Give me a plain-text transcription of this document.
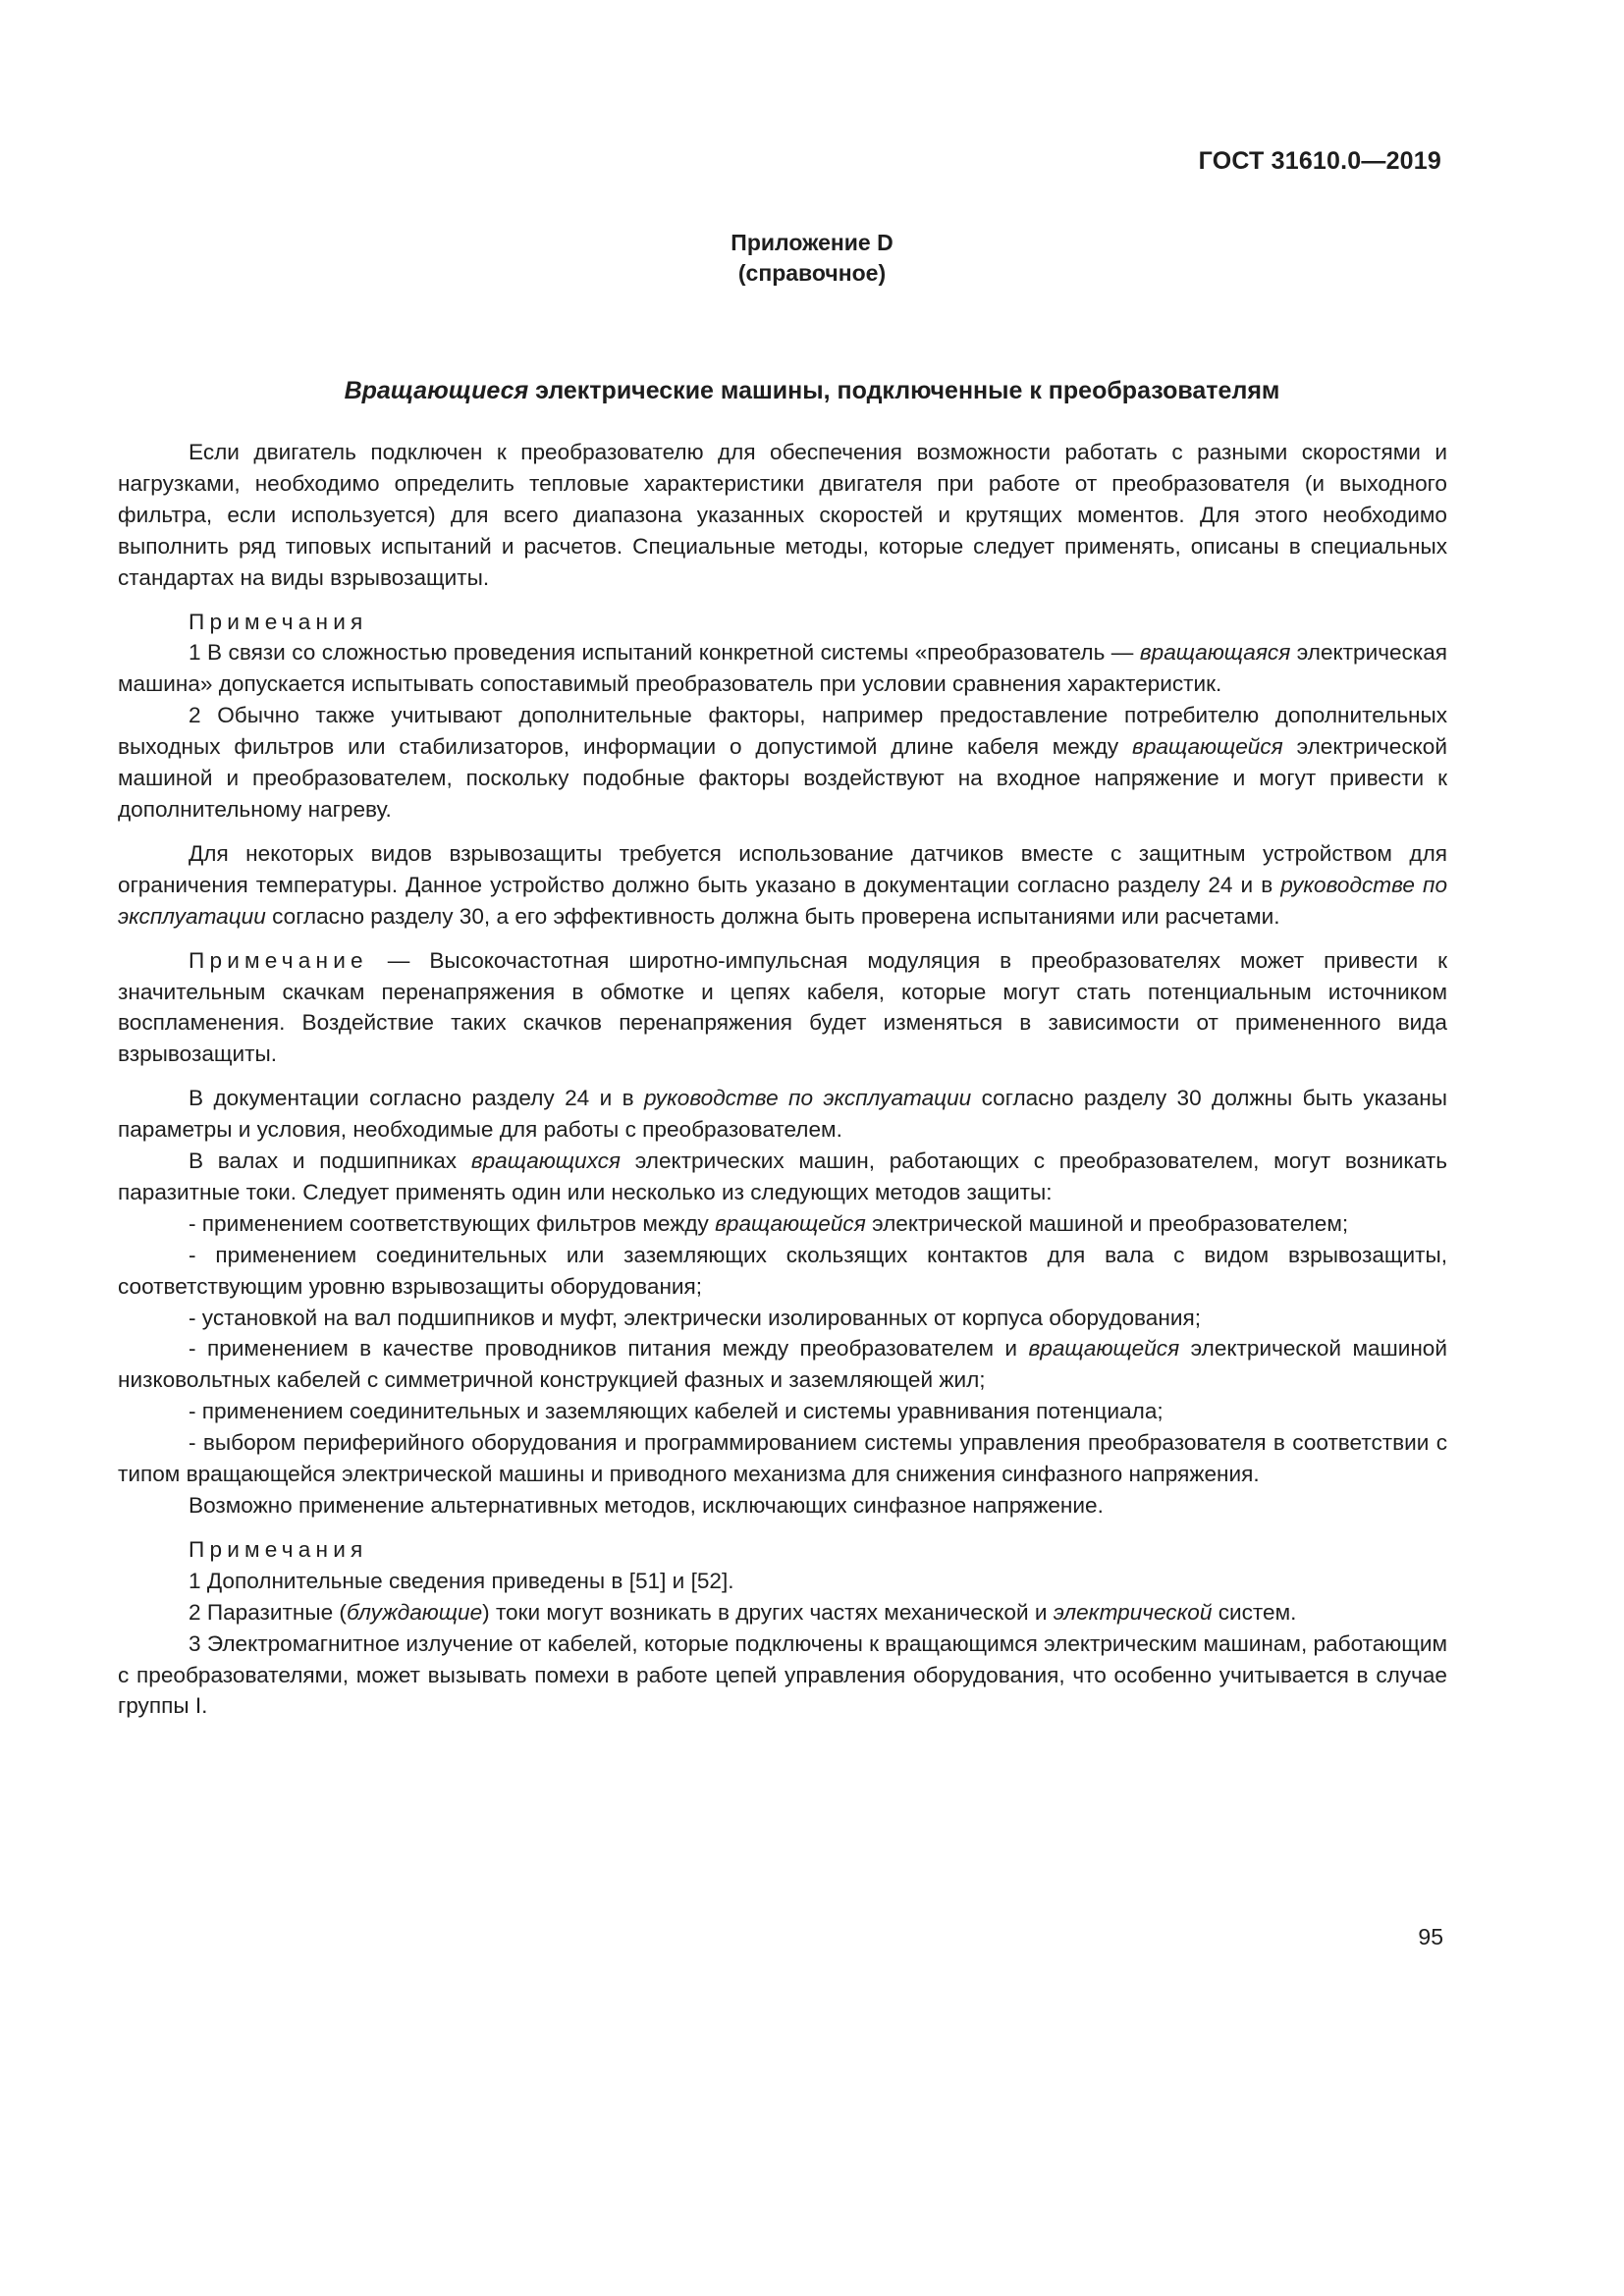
ГОСТ 31610.0—2019
Приложение D
(справочное)
Вращающиеся электрические машины, подключенные к преобразователям

Если двигатель подключен к преобразователю для обеспечения возможности работать с разными скоростями и нагрузками, необходимо определить тепловые характеристики двигателя при работе от преобразователя (и выходного фильтра, если используется) для всего диапазона указанных скоростей и крутящих моментов. Для этого необходимо выполнить ряд типовых испытаний и расчетов. Специальные методы, которые следует применять, описаны в специальных стандартах на виды взрывозащиты.

Примечания

1 В связи со сложностью проведения испытаний конкретной системы «преобразователь — вращающаяся электрическая машина» допускается испытывать сопоставимый преобразователь при условии сравнения характеристик.

2 Обычно также учитывают дополнительные факторы, например предоставление потребителю дополнительных выходных фильтров или стабилизаторов, информации о допустимой длине кабеля между вращающейся электрической машиной и преобразователем, поскольку подобные факторы воздействуют на входное напряжение и могут привести к дополнительному нагреву.

Для некоторых видов взрывозащиты требуется использование датчиков вместе с защитным устройством для ограничения температуры. Данное устройство должно быть указано в документации согласно разделу 24 и в руководстве по эксплуатации согласно разделу 30, а его эффективность должна быть проверена испытаниями или расчетами.

Примечание — Высокочастотная широтно-импульсная модуляция в преобразователях может привести к значительным скачкам перенапряжения в обмотке и цепях кабеля, которые могут стать потенциальным источником воспламенения. Воздействие таких скачков перенапряжения будет изменяться в зависимости от примененного вида взрывозащиты.

В документации согласно разделу 24 и в руководстве по эксплуатации согласно разделу 30 должны быть указаны параметры и условия, необходимые для работы с преобразователем.

В валах и подшипниках вращающихся электрических машин, работающих с преобразователем, могут возникать паразитные токи. Следует применять один или несколько из следующих методов защиты:

- применением соответствующих фильтров между вращающейся электрической машиной и преобразователем;

- применением соединительных или заземляющих скользящих контактов для вала с видом взрывозащиты, соответствующим уровню взрывозащиты оборудования;

- установкой на вал подшипников и муфт, электрически изолированных от корпуса оборудования;

- применением в качестве проводников питания между преобразователем и вращающейся электрической машиной низковольтных кабелей с симметричной конструкцией фазных и заземляющей жил;

- применением соединительных и заземляющих кабелей и системы уравнивания потенциала;

- выбором периферийного оборудования и программированием системы управления преобразователя в соответствии с типом вращающейся электрической машины и приводного механизма для снижения синфазного напряжения.

Возможно применение альтернативных методов, исключающих синфазное напряжение.

Примечания

1 Дополнительные сведения приведены в [51] и [52].

2 Паразитные (блуждающие) токи могут возникать в других частях механической и электрической систем.

3 Электромагнитное излучение от кабелей, которые подключены к вращающимся электрическим машинам, работающим с преобразователями, может вызывать помехи в работе цепей управления оборудования, что особенно учитывается в случае группы I.

95
